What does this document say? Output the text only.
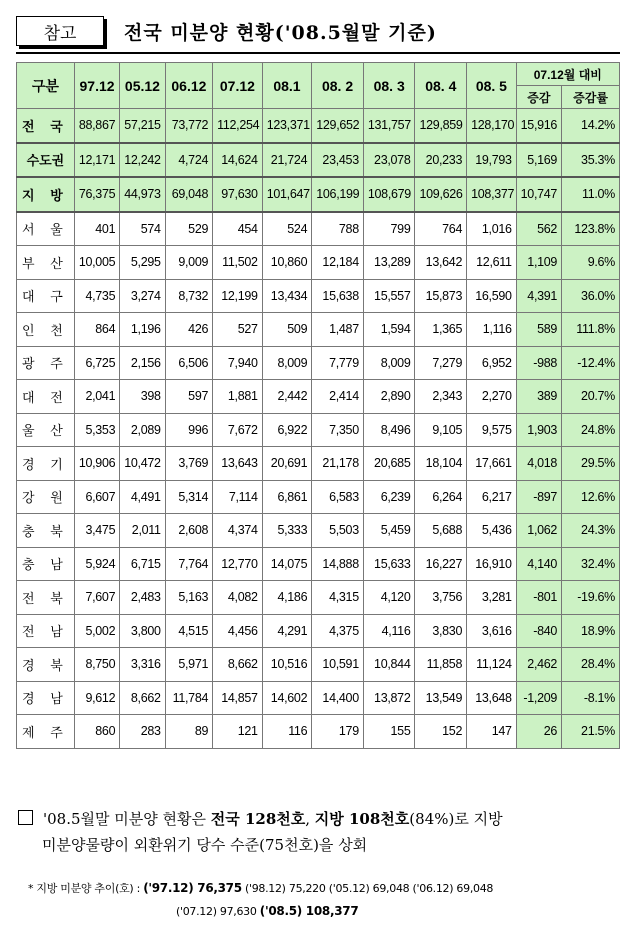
참고	전국 미분양 현황('08.5월말 기준)
구분	97.12	05.12	06.12	07.12	08.1	08. 2	08. 3	08. 4	08. 5	07.12월 대비	
										증감	증감률
전 국	88,867	57,215	73,772	112,254	123,371	129,652	131,757	129,859	128,170	15,916	14.2%
수도권	12,171	12,242	4,724	14,624	21,724	23,453	23,078	20,233	19,793	5,169	35.3%
지 방	76,375	44,973	69,048	97,630	101,647	106,199	108,679	109,626	108,377	10,747	11.0%
서 울	401	574	529	454	524	788	799	764	1,016	562	123.8%
부 산	10,005	5,295	9,009	11,502	10,860	12,184	13,289	13,642	12,611	1,109	9.6%
대 구	4,735	3,274	8,732	12,199	13,434	15,638	15,557	15,873	16,590	4,391	36.0%
인 천	864	1,196	426	527	509	1,487	1,594	1,365	1,116	589	111.8%
광 주	6,725	2,156	6,506	7,940	8,009	7,779	8,009	7,279	6,952	-988	-12.4%
대 전	2,041	398	597	1,881	2,442	2,414	2,890	2,343	2,270	389	20.7%
울 산	5,353	2,089	996	7,672	6,922	7,350	8,496	9,105	9,575	1,903	24.8%
경 기	10,906	10,472	3,769	13,643	20,691	21,178	20,685	18,104	17,661	4,018	29.5%
강 원	6,607	4,491	5,314	7,114	6,861	6,583	6,239	6,264	6,217	-897	12.6%
충 북	3,475	2,011	2,608	4,374	5,333	5,503	5,459	5,688	5,436	1,062	24.3%
충 남	5,924	6,715	7,764	12,770	14,075	14,888	15,633	16,227	16,910	4,140	32.4%
전 북	7,607	2,483	5,163	4,082	4,186	4,315	4,120	3,756	3,281	-801	-19.6%
전 남	5,002	3,800	4,515	4,456	4,291	4,375	4,116	3,830	3,616	-840	18.9%
경 북	8,750	3,316	5,971	8,662	10,516	10,591	10,844	11,858	11,124	2,462	28.4%
경 남	9,612	8,662	11,784	14,857	14,602	14,400	13,872	13,549	13,648	-1,209	-8.1%
제 주	860	283	89	121	116	179	155	152	147	26	21.5%
'08.5월말 미분양 현황은 전국 128천호, 지방 108천호(84%)로 지방
미분양물량이 외환위기 당수 수준(75천호)을 상회
* 지방 미분양 추이(호) : ('97.12) 76,375 ('98.12) 75,220 ('05.12) 69,048 ('06.12) 69,048
('07.12) 97,630 ('08.5) 108,377
